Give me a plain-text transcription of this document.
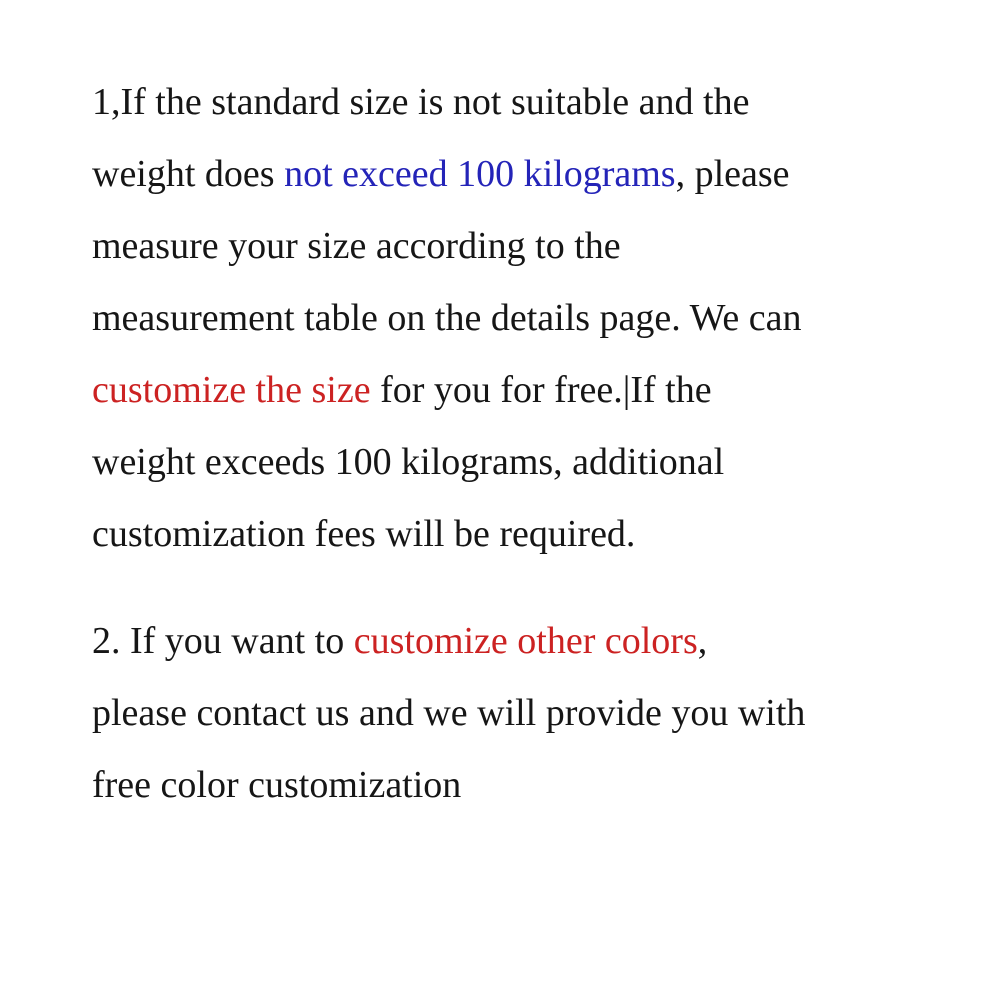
1,If the standard size is not suitable and the
weight does not exceed 100 kilograms, please
measure your size according to the
measurement table on the details page. We can
customize the size for you for free.|If the
weight exceeds 100 kilograms, additional
customization fees will be required.

2. If you want to customize other colors,
please contact us and we will provide you with
free color customization
